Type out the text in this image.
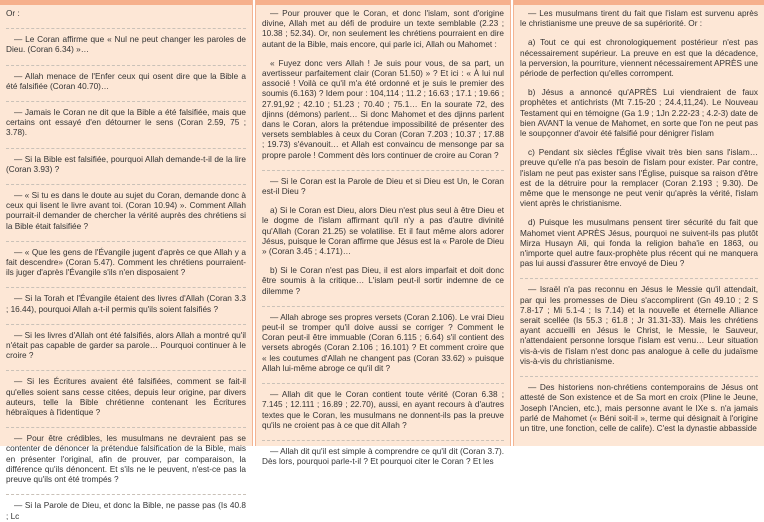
Or :

— Le Coran affirme que « Nul ne peut changer les paroles de Dieu. (Coran 6.34) »…

— Allah menace de l'Enfer ceux qui osent dire que la Bible a été falsifiée (Coran 40.70)…

— Jamais le Coran ne dit que la Bible a été falsifiée, mais que certains ont essayé d'en détourner le sens (Coran 2.59, 75 ; 3.78).

— Si la Bible est falsifiée, pourquoi Allah demande-t-il de la lire (Coran 3.93) ?

— « Si tu es dans le doute au sujet du Coran, demande donc à ceux qui lisent le livre avant toi. (Coran 10.94) ». Comment Allah pourrait-il demander de chercher la vérité auprès des chrétiens si la Bible était falsifiée ?

— « Que les gens de l'Évangile jugent d'après ce que Allah y a fait descendre» (Coran 5.47). Comment les chrétiens pourraient-ils juger d'après l'Évangile s'ils n'en disposaient ?

— Si la Torah et l'Évangile étaient des livres d'Allah (Coran 3.3 ; 16.44), pourquoi Allah a-t-il permis qu'ils soient falsifiés ?

— Si les livres d'Allah ont été falsifiés, alors Allah a montré qu'il n'était pas capable de garder sa parole… Pourquoi continuer à le croire ?

— Si les Écritures avaient été falsifiées, comment se fait-il qu'elles soient sans cesse citées, depuis leur origine, par divers auteurs, telle la Bible chrétienne contenant les Écritures hébraïques à l'identique ?

— Pour être crédibles, les musulmans ne devraient pas se contenter de dénoncer la prétendue falsification de la Bible, mais en présenter l'original, afin de prouver, par comparaison, la différence qu'ils dénoncent. Et s'ils ne le peuvent, n'est-ce pas la preuve qu'ils ont été trompés ?

— Si la Parole de Dieu, et donc la Bible, ne passe pas (Is 40.8 ; Lc

— Pour prouver que le Coran, et donc l'islam, sont d'origine divine, Allah met au défi de produire un texte semblable (2.23 ; 10.38 ; 52.34). Or, non seulement les chrétiens pourraient en dire autant de la Bible, mais encore, qui parle ici, Allah ou Mahomet :

« Fuyez donc vers Allah ! Je suis pour vous, de sa part, un avertisseur parfaitement clair (Coran 51.50) » ? Et ici : « À lui nul associé ! Voilà ce qu'il m'a été ordonné et je suis le premier des soumis (6.163) ? Idem pour : 104,114 ; 11.2 ; 16.63 ; 17.1 ; 19.66 ; 27.91,92 ; 42.10 ; 51.23 ; 70.40 ; 75.1… En la sourate 72, des djinns (démons) parlent… Si donc Mahomet et des djinns parlent dans le Coran, alors la prétendue impossibilité de présenter des versets semblables à ceux du Coran (Coran 7.203 ; 10.37 ; 17.88 ; 19.73) s'évanouit… et Allah est convaincu de mensonge par sa propre parole ! Comment dès lors continuer de croire au Coran ?

— Si le Coran est la Parole de Dieu et si Dieu est Un, le Coran est-il Dieu ?

a) Si le Coran est Dieu, alors Dieu n'est plus seul à être Dieu et le dogme de l'islam affirmant qu'il n'y a pas d'autre divinité qu'Allah (Coran 21.25) se volatilise. Et il faut même alors adorer Jésus, puisque le Coran affirme que Jésus est la « Parole de Dieu » (Coran 3.45 ; 4.171)…

b) Si le Coran n'est pas Dieu, il est alors imparfait et doit donc être soumis à la critique… L'islam peut-il sortir indemne de ce dilemme ?

— Allah abroge ses propres versets (Coran 2.106). Le vrai Dieu peut-il se tromper qu'il doive aussi se corriger ? Comment le Coran peut-il être immuable (Coran 6.115 ; 6.64) s'il contient des versets abrogés (Coran 2.106 ; 16.101) ? Et comment croire que « les coutumes d'Allah ne changent pas (Coran 33.62) » puisque Allah lui-même abroge ce qu'il dit ?

— Allah dit que le Coran contient toute vérité (Coran 6.38 ; 7.145 ; 12.111 ; 16.89 ; 22.70), aussi, en ayant recours à d'autres textes que le Coran, les musulmans ne donnent-ils pas la preuve qu'ils ne croient pas à ce que dit Allah ?

— Allah dit qu'il est simple à comprendre ce qu'il dit (Coran 3.7). Dès lors, pourquoi parle-t-il ? Et pourquoi citer le Coran ? Et les

— Les musulmans tirent du fait que l'islam est survenu après le christianisme une preuve de sa supériorité. Or :

a) Tout ce qui est chronologiquement postérieur n'est pas nécessairement supérieur. La preuve en est que la décadence, la perversion, la pourriture, viennent nécessairement APRÈS une période de perfection qu'elles corrompent.

b) Jésus a annoncé qu'APRÈS Lui viendraient de faux prophètes et antichrists (Mt 7.15-20 ; 24.4,11,24). Le Nouveau Testament qui en témoigne (Ga 1.9 ; 1Jn 2.22-23 ; 4.2-3) date de bien AVANT la venue de Mahomet, en sorte que l'on ne peut pas le soupçonner d'avoir été falsifié pour dénigrer l'islam

c) Pendant six siècles l'Église vivait très bien sans l'islam… preuve qu'elle n'a pas besoin de l'islam pour exister. Par contre, l'islam ne peut pas exister sans l'Église, puisque sa raison d'être est de la détruire pour la remplacer (Coran 2.193 ; 9.30). De même que le mensonge ne peut venir qu'après la vérité, l'islam vient après le christianisme.

d) Puisque les musulmans pensent tirer sécurité du fait que Mahomet vient APRÈS Jésus, pourquoi ne suivent-ils pas plutôt Mirza Husayn Ali, qui fonda la religion baha'ie en 1863, ou n'importe quel autre faux-prophète plus récent qui ne manquera pas lui aussi d'assurer être envoyé de Dieu ?

— Israël n'a pas reconnu en Jésus le Messie qu'il attendait, par qui les promesses de Dieu s'accomplirent (Gn 49.10 ; 2 S 7.8-17 ; Mi 5.1-4 ; Is 7.14) et la nouvelle et éternelle Alliance serait scellée (Is 55.3 ; 61.8 ; Jr 31.31-33). Mais les chrétiens ayant accueilli en Jésus le Christ, le Messie, le Sauveur, n'attendaient personne lorsque l'islam est venu… Leur situation vis-à-vis de l'islam n'est donc pas analogue à celle du judaïsme vis-à-vis du christianisme.

— Des historiens non-chrétiens contemporains de Jésus ont attesté de Son existence et de Sa mort en croix (Pline le Jeune, Joseph l'Ancien, etc.), mais personne avant le IXe s. n'a jamais parlé de Mahomet (« Béni soit-il », terme qui désignait à l'origine un titre, une fonction, celle de calife). C'est la dynastie abbasside
